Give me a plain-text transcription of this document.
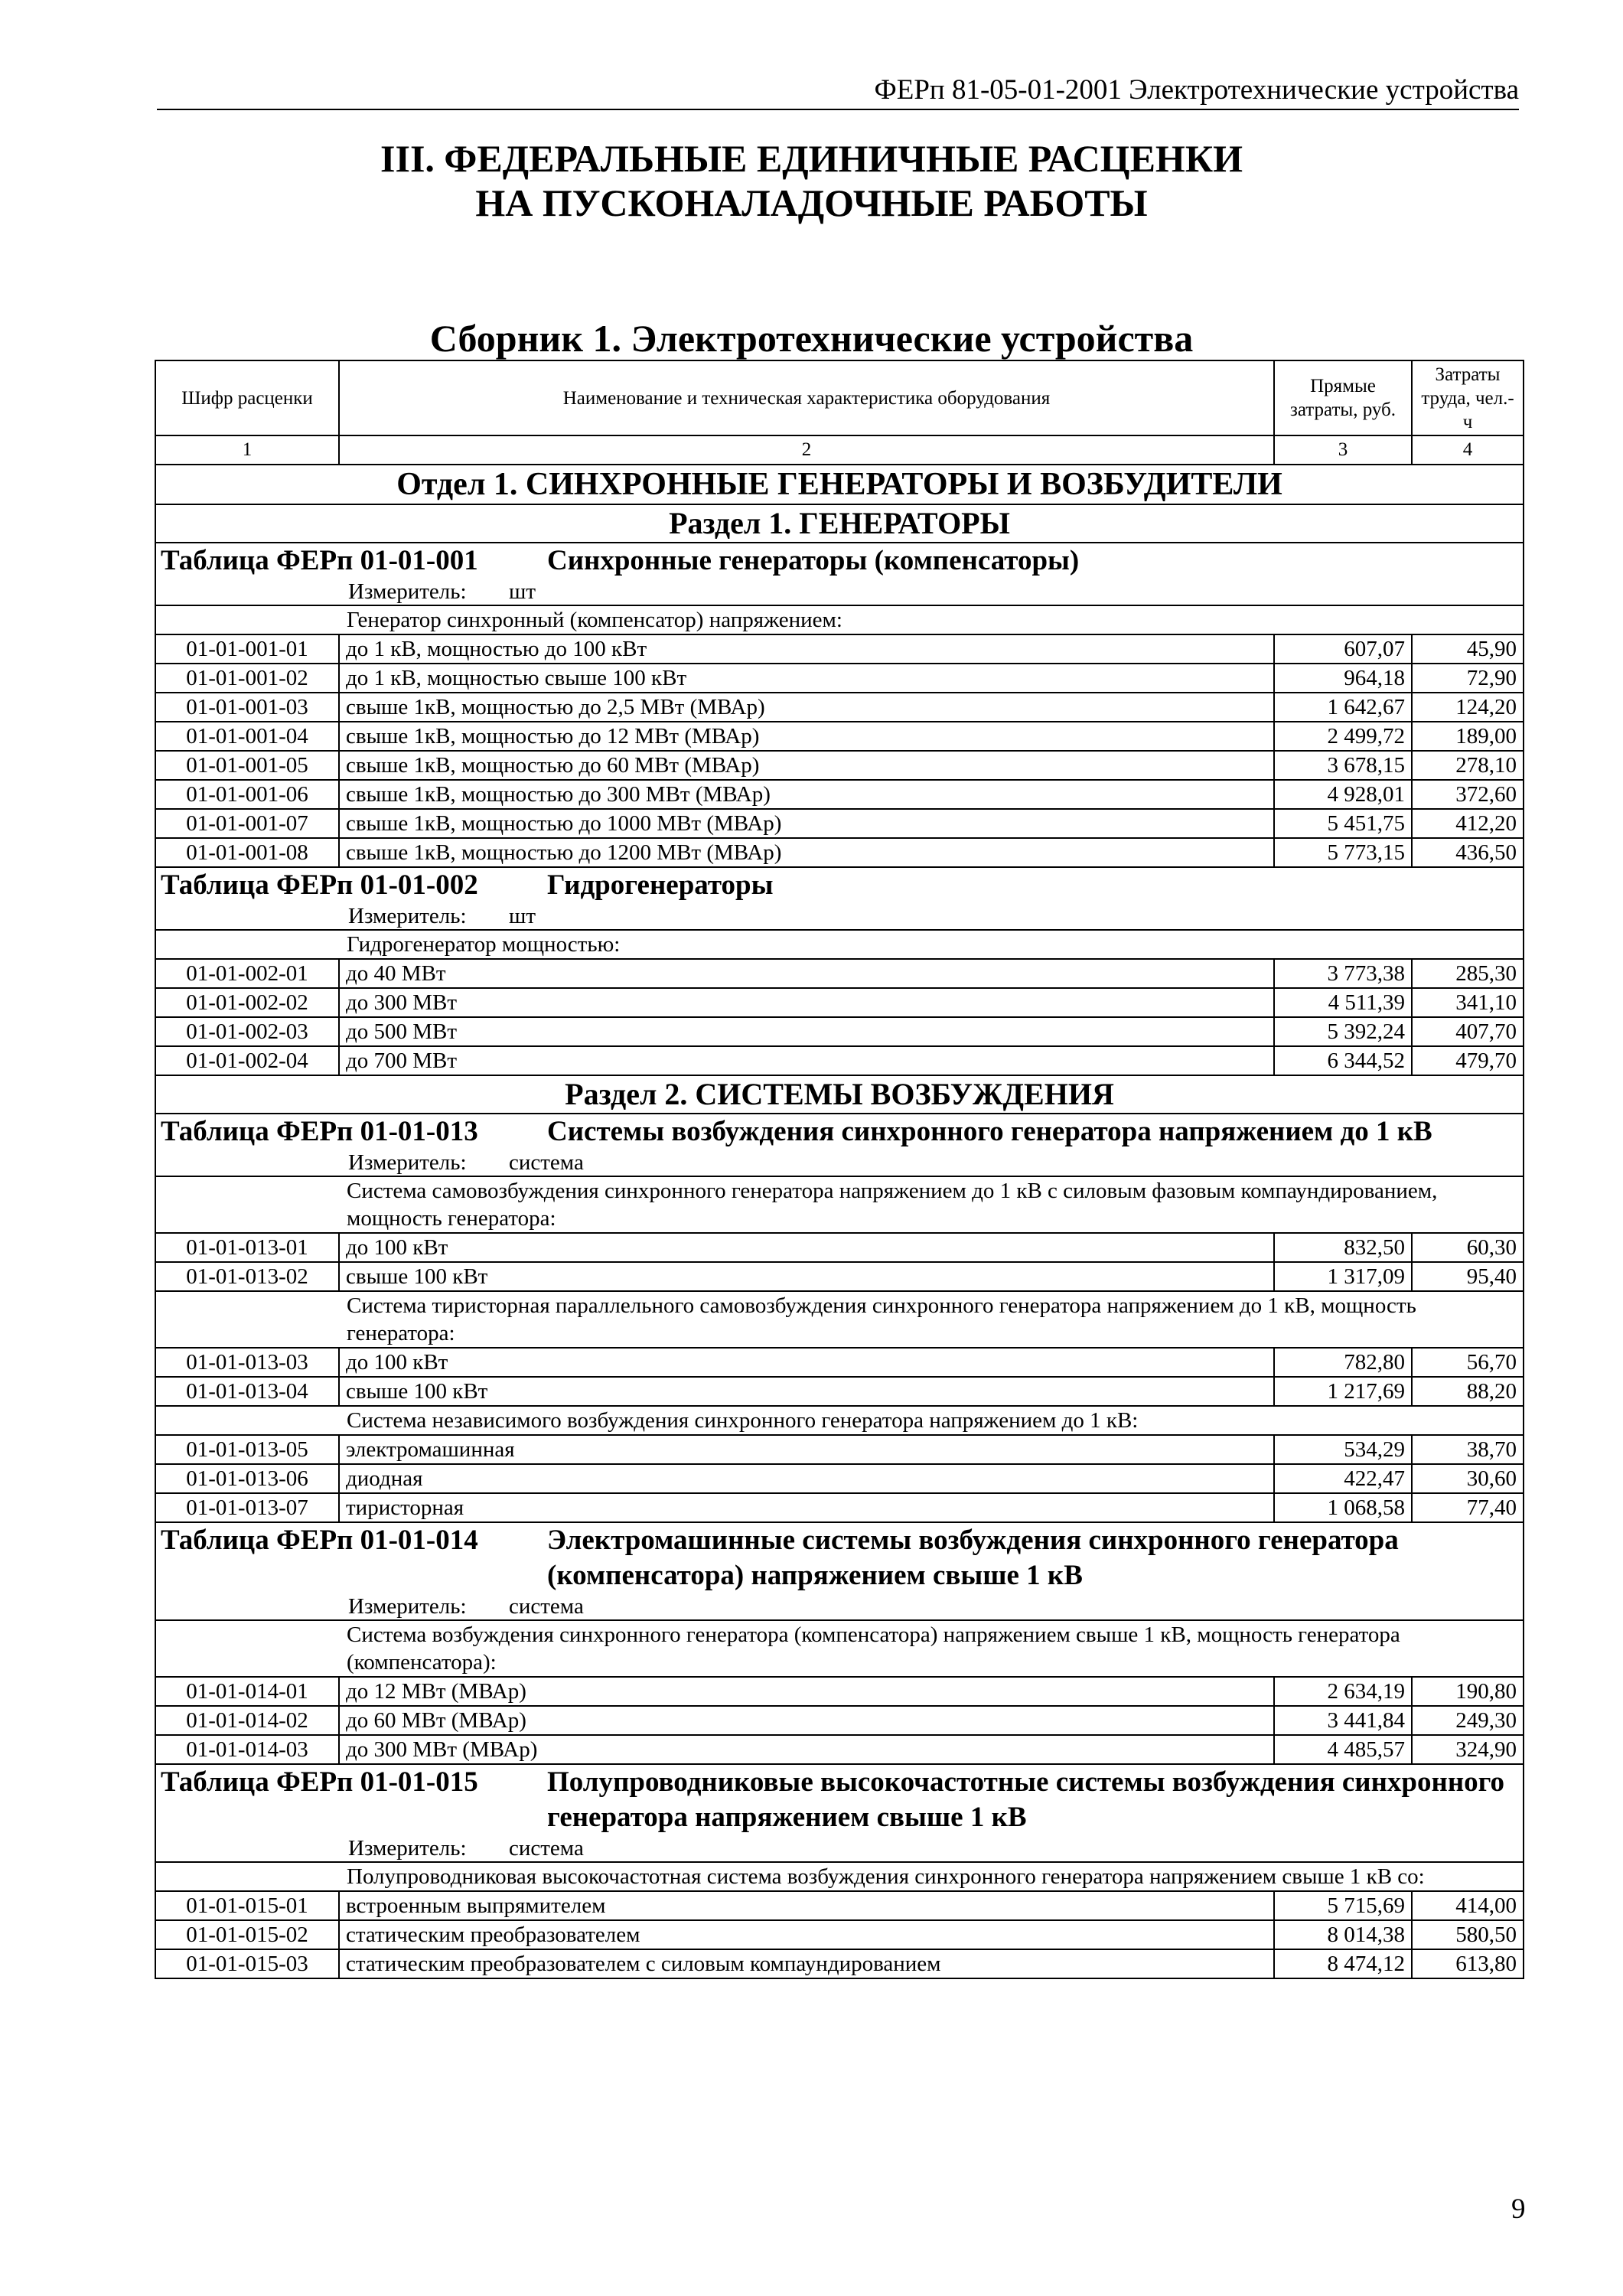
ФЕРп 81-05-01-2001 Электротехнические устройства
III. ФЕДЕРАЛЬНЫЕ ЕДИНИЧНЫЕ РАСЦЕНКИ
НА ПУСКОНАЛАДОЧНЫЕ РАБОТЫ
Сборник 1. Электротехнические устройства
Шифр расценки	Наименование и техническая характеристика оборудования	Прямые затраты, руб.	Затраты труда, чел.-ч
1	2	3	4
Отдел 1. СИНХРОННЫЕ ГЕНЕРАТОРЫ И ВОЗБУДИТЕЛИ			
Раздел 1. ГЕНЕРАТОРЫ			

Таблица ФЕРп 01-01-001 Синхронные генераторы (компенсаторы)			

Измеритель: шт			

Генератор синхронный (компенсатор) напряжением:			
01-01-001-01	до 1 кВ, мощностью до 100 кВт	607,07	45,90
01-01-001-02	до 1 кВ, мощностью свыше 100 кВт	964,18	72,90
01-01-001-03	свыше 1кВ, мощностью до 2,5 МВт (МВАр)	1 642,67	124,20
01-01-001-04	свыше 1кВ, мощностью до 12 МВт (МВАр)	2 499,72	189,00
01-01-001-05	свыше 1кВ, мощностью до 60 МВт (МВАр)	3 678,15	278,10
01-01-001-06	свыше 1кВ, мощностью до 300 МВт (МВАр)	4 928,01	372,60
01-01-001-07	свыше 1кВ, мощностью до 1000 МВт (МВАр)	5 451,75	412,20
01-01-001-08	свыше 1кВ, мощностью до 1200 МВт (МВАр)	5 773,15	436,50

Таблица ФЕРп 01-01-002 Гидрогенераторы			

Измеритель: шт			

Гидрогенератор мощностью:			
01-01-002-01	до 40 МВт	3 773,38	285,30
01-01-002-02	до 300 МВт	4 511,39	341,10
01-01-002-03	до 500 МВт	5 392,24	407,70
01-01-002-04	до 700 МВт	6 344,52	479,70
Раздел 2. СИСТЕМЫ ВОЗБУЖДЕНИЯ			

Таблица ФЕРп 01-01-013 Системы возбуждения синхронного генератора напряжением до 1 кВ			

Измеритель: система			

Система самовозбуждения синхронного генератора напряжением до 1 кВ с силовым фазовым компаундированием, мощность генератора:			
01-01-013-01	до 100 кВт	832,50	60,30
01-01-013-02	свыше 100 кВт	1 317,09	95,40
Система тиристорная параллельного самовозбуждения синхронного генератора напряжением до 1 кВ, мощность генератора:			
01-01-013-03	до 100 кВт	782,80	56,70
01-01-013-04	свыше 100 кВт	1 217,69	88,20
Система независимого возбуждения синхронного генератора напряжением до 1 кВ:			
01-01-013-05	электромашинная	534,29	38,70
01-01-013-06	диодная	422,47	30,60
01-01-013-07	тиристорная	1 068,58	77,40

Таблица ФЕРп 01-01-014 Электромашинные системы возбуждения синхронного генератора (компенсатора) напряжением свыше 1 кВ			

Измеритель: система			

Система возбуждения синхронного генератора (компенсатора) напряжением свыше 1 кВ, мощность генератора (компенсатора):			
01-01-014-01	до 12 МВт (МВАр)	2 634,19	190,80
01-01-014-02	до 60 МВт (МВАр)	3 441,84	249,30
01-01-014-03	до 300 МВт (МВАр)	4 485,57	324,90

Таблица ФЕРп 01-01-015 Полупроводниковые высокочастотные системы возбуждения синхронного генератора напряжением свыше 1 кВ			

Измеритель: система			

Полупроводниковая высокочастотная система возбуждения синхронного генератора напряжением свыше 1 кВ со:			
01-01-015-01	встроенным выпрямителем	5 715,69	414,00
01-01-015-02	статическим преобразователем	8 014,38	580,50
01-01-015-03	статическим преобразователем с силовым компаундированием	8 474,12	613,80
9
